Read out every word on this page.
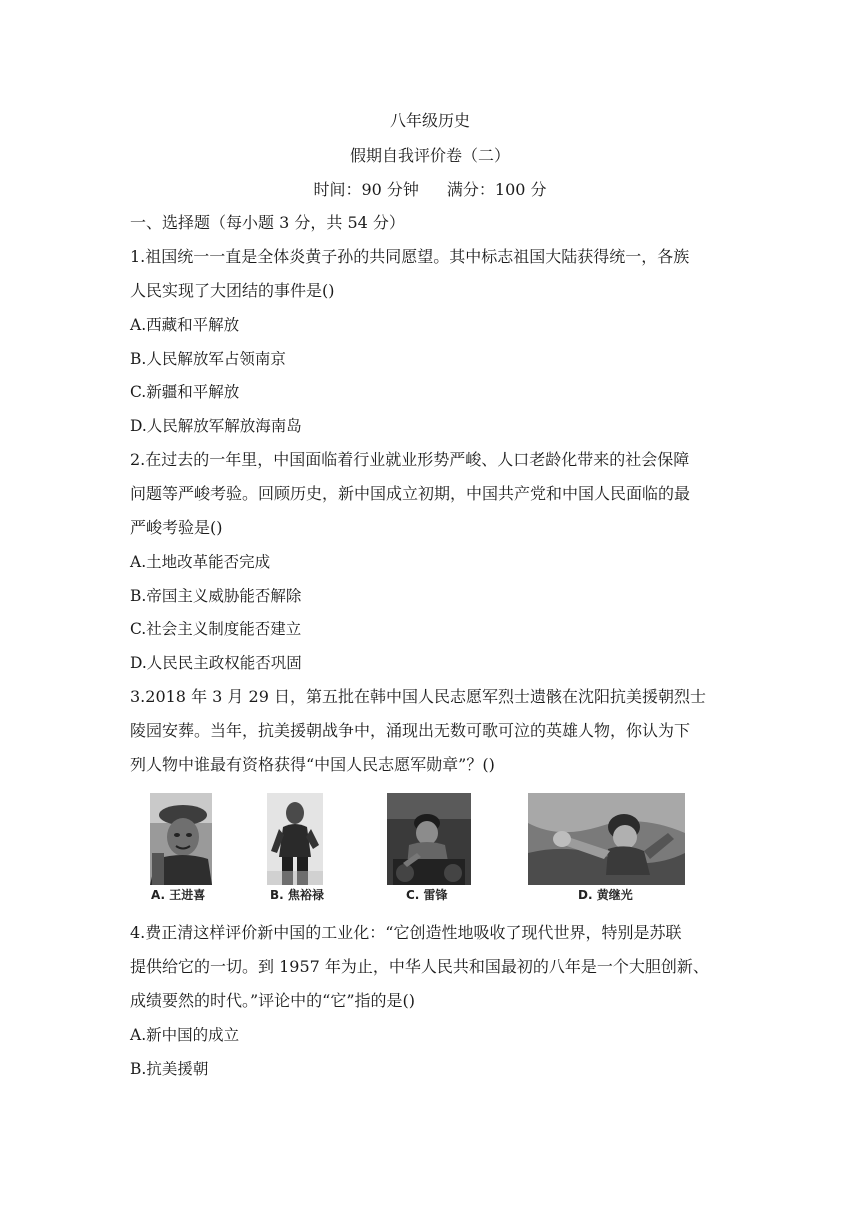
八年级历史
假期自我评价卷（二）
时间：90 分钟 满分：100 分
一、选择题（每小题 3 分，共 54 分）
1.祖国统一一直是全体炎黄子孙的共同愿望。其中标志祖国大陆获得统一，各族
人民实现了大团结的事件是()
A.西藏和平解放
B.人民解放军占领南京
C.新疆和平解放
D.人民解放军解放海南岛
2.在过去的一年里，中国面临着行业就业形势严峻、人口老龄化带来的社会保障
问题等严峻考验。回顾历史，新中国成立初期，中国共产党和中国人民面临的最
严峻考验是()
A.土地改革能否完成
B.帝国主义威胁能否解除
C.社会主义制度能否建立
D.人民民主政权能否巩固
3.2018 年 3 月 29 日，第五批在韩中国人民志愿军烈士遗骸在沈阳抗美援朝烈士
陵园安葬。当年，抗美援朝战争中，涌现出无数可歌可泣的英雄人物，你认为下
列人物中谁最有资格获得“中国人民志愿军勋章”？()
A. 王进喜	B. 焦裕禄	C. 雷锋	D. 黄继光
4.费正清这样评价新中国的工业化：“它创造性地吸收了现代世界，特别是苏联
提供给它的一切。到 1957 年为止，中华人民共和国最初的八年是一个大胆创新、
成绩要然的时代。”评论中的“它”指的是()
A.新中国的成立
B.抗美援朝
